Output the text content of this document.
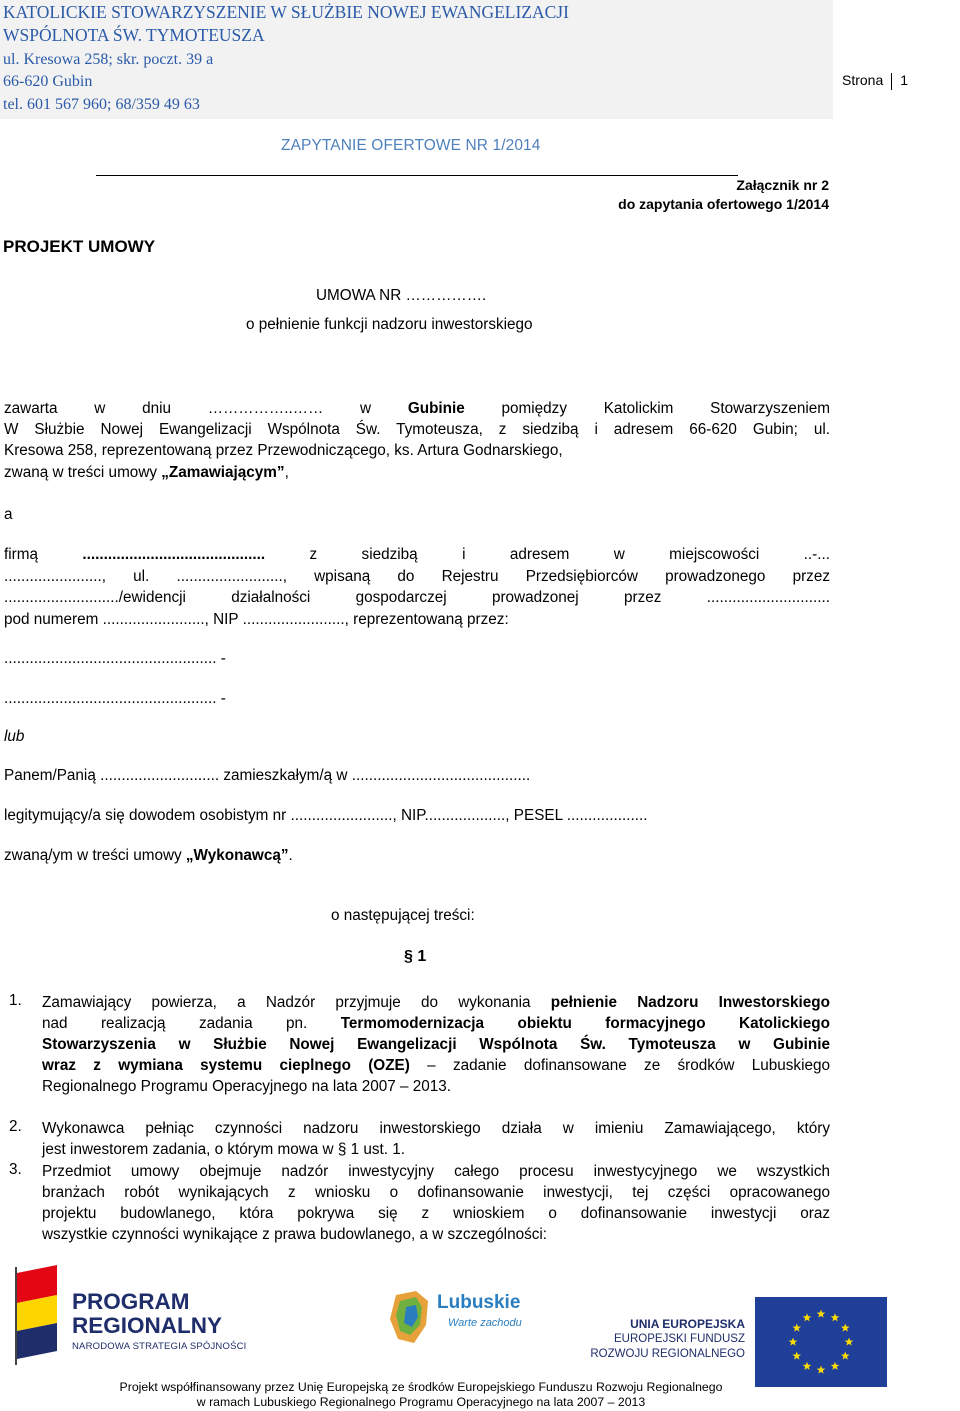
KATOLICKIE STOWARZYSZENIE W SŁUŻBIE NOWEJ EWANGELIZACJI
WSPÓLNOTA ŚW. TYMOTEUSZA
ul. Kresowa 258; skr. poczt. 39 a
66-620 Gubin
tel. 601 567 960; 68/359 49 63
Strona 1
ZAPYTANIE OFERTOWE NR 1/2014
Załącznik nr 2
do zapytania ofertowego 1/2014
PROJEKT UMOWY
UMOWA NR …………….
o pełnienie funkcji nadzoru inwestorskiego
zawarta w dniu ……………..…… w Gubinie pomiędzy Katolickim Stowarzyszeniem
W Służbie Nowej Ewangelizacji Wspólnota Św. Tymoteusza, z siedzibą i adresem 66-620 Gubin; ul.
Kresowa 258, reprezentowaną przez Przewodniczącego, ks. Artura Godnarskiego,
zwaną w treści umowy „Zamawiającym”,
a
firmą	...........................................	z siedzibą i adresem w miejscowości ..-...
......................., ul. ........................., wpisaną do Rejestru Przedsiębiorców prowadzonego przez
.........................../ewidencji działalności gospodarczej prowadzonej przez .............................
pod numerem ........................, NIP ........................, reprezentowaną przez:
.................................................. -
.................................................. -
lub
Panem/Panią ............................ zamieszkałym/ą w ..........................................
legitymujący/a się dowodem osobistym nr ........................, NIP..................., PESEL ...................
zwaną/ym w treści umowy „Wykonawcą”.
o następującej treści:
§ 1
1. Zamawiający powierza, a Nadzór przyjmuje do wykonania pełnienie Nadzoru Inwestorskiego
nad realizacją zadania pn. Termomodernizacja obiektu formacyjnego Katolickiego
Stowarzyszenia w Służbie Nowej Ewangelizacji Wspólnota Św. Tymoteusza w Gubinie
wraz z wymiana systemu cieplnego (OZE) – zadanie dofinansowane ze środków Lubuskiego
Regionalnego Programu Operacyjnego na lata 2007 – 2013.
2. Wykonawca pełniąc czynności nadzoru inwestorskiego działa w imieniu Zamawiającego, który
jest inwestorem zadania, o którym mowa w § 1 ust. 1.
3. Przedmiot umowy obejmuje nadzór inwestycyjny całego procesu inwestycyjnego we wszystkich
branżach robót wynikających z wniosku o dofinansowanie inwestycji, tej części opracowanego
projektu budowlanego, która pokrywa się z wnioskiem o dofinansowanie inwestycji oraz
wszystkie czynności wynikające z prawa budowlanego, a w szczególności:
PROGRAM
REGIONALNY
NARODOWA STRATEGIA SPÓJNOŚCI
Lubuskie
Warte zachodu	UNIA EUROPEJSKA
EUROPEJSKI FUNDUSZ
ROZWOJU REGIONALNEGO
Projekt współfinansowany przez Unię Europejską ze środków Europejskiego Funduszu Rozwoju Regionalnego
w ramach Lubuskiego Regionalnego Programu Operacyjnego na lata 2007 – 2013
